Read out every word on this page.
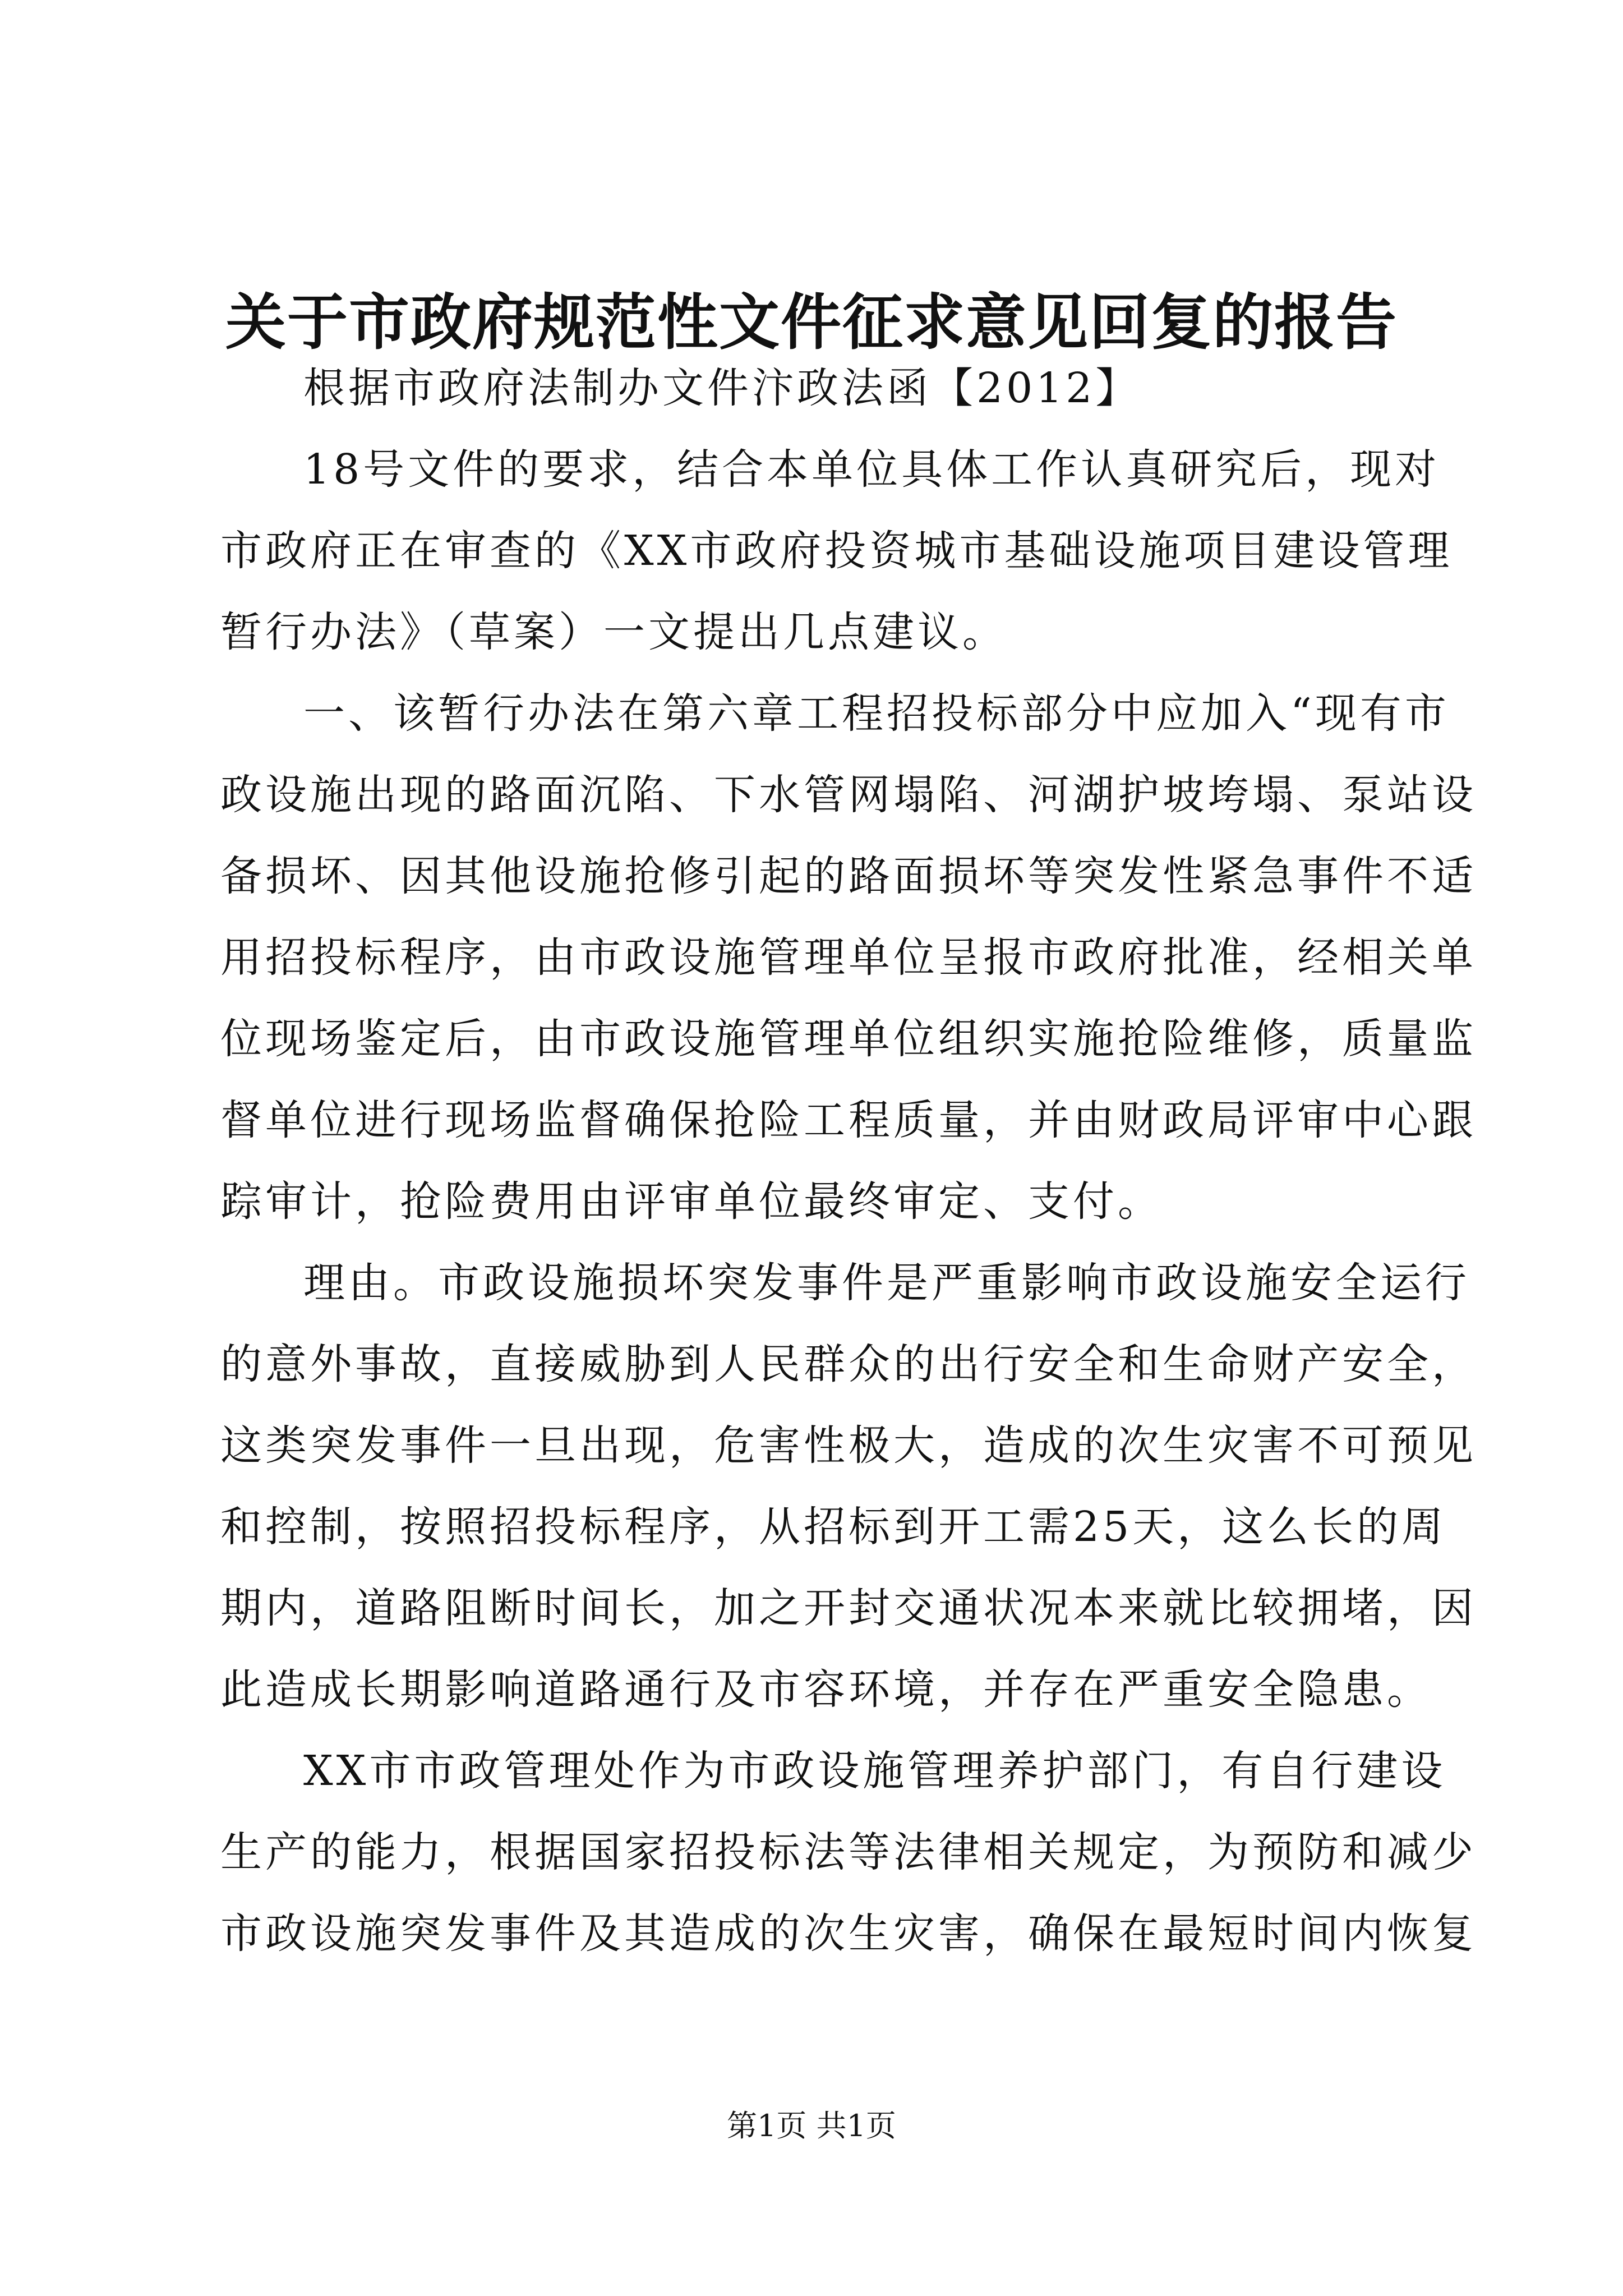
关于市政府规范性文件征求意见回复的报告
根据市政府法制办文件汴政法函【2012】
18号文件的要求，结合本单位具体工作认真研究后，现对
市政府正在审查的《XX市政府投资城市基础设施项目建设管理
暂行办法》（草案）一文提出几点建议。
一、该暂行办法在第六章工程招投标部分中应加入“现有市
政设施出现的路面沉陷、下水管网塌陷、河湖护坡垮塌、泵站设
备损坏、因其他设施抢修引起的路面损坏等突发性紧急事件不适
用招投标程序，由市政设施管理单位呈报市政府批准，经相关单
位现场鉴定后，由市政设施管理单位组织实施抢险维修，质量监
督单位进行现场监督确保抢险工程质量，并由财政局评审中心跟
踪审计，抢险费用由评审单位最终审定、支付。
理由。市政设施损坏突发事件是严重影响市政设施安全运行
的意外事故，直接威胁到人民群众的出行安全和生命财产安全，
这类突发事件一旦出现，危害性极大，造成的次生灾害不可预见
和控制，按照招投标程序，从招标到开工需25天，这么长的周
期内，道路阻断时间长，加之开封交通状况本来就比较拥堵，因
此造成长期影响道路通行及市容环境，并存在严重安全隐患。
XX市市政管理处作为市政设施管理养护部门，有自行建设
生产的能力，根据国家招投标法等法律相关规定，为预防和减少
市政设施突发事件及其造成的次生灾害，确保在最短时间内恢复
第1页 共1页
